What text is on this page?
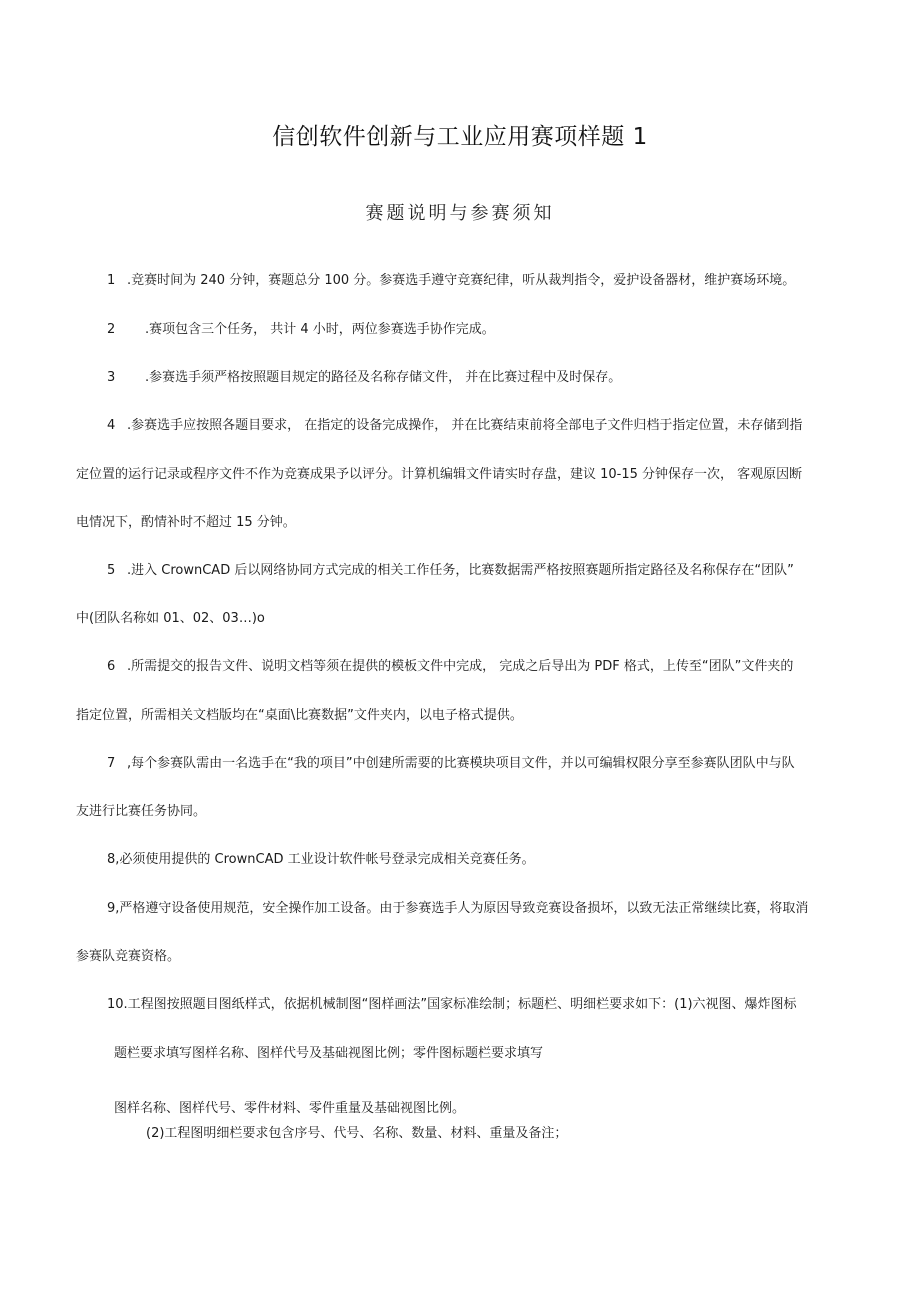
信创软件创新与工业应用赛项样题 1
赛题说明与参赛须知
1 .竞赛时间为 240 分钟，赛题总分 100 分。参赛选手遵守竞赛纪律，听从裁判指令，爱护设备器材，维护赛场环境。
2 .赛项包含三个任务， 共计 4 小时，两位参赛选手协作完成。
3 .参赛选手须严格按照题目规定的路径及名称存储文件， 并在比赛过程中及时保存。
4 .参赛选手应按照各题目要求， 在指定的设备完成操作， 并在比赛结束前将全部电子文件归档于指定位置，未存储到指
定位置的运行记录或程序文件不作为竞赛成果予以评分。计算机编辑文件请实时存盘，建议 10-15 分钟保存一次， 客观原因断
电情况下，酌情补时不超过 15 分钟。
5 .进入 CrownCAD 后以网络协同方式完成的相关工作任务，比赛数据需严格按照赛题所指定路径及名称保存在“团队”
中(团队名称如 01、02、03…)o
6 .所需提交的报告文件、说明文档等须在提供的模板文件中完成， 完成之后导出为 PDF 格式，上传至“团队”文件夹的
指定位置，所需相关文档版均在“桌面\比赛数据”文件夹内，以电子格式提供。
7 ,每个参赛队需由一名选手在“我的项目”中创建所需要的比赛模块项目文件，并以可编辑权限分享至参赛队团队中与队
友进行比赛任务协同。
8,必须使用提供的 CrownCAD 工业设计软件帐号登录完成相关竞赛任务。
9,严格遵守设备使用规范，安全操作加工设备。由于参赛选手人为原因导致竞赛设备损坏，以致无法正常继续比赛，将取消
参赛队竞赛资格。
10.工程图按照题目图纸样式，依据机械制图“图样画法”国家标准绘制；标题栏、明细栏要求如下：(1)六视图、爆炸图标
题栏要求填写图样名称、图样代号及基础视图比例；零件图标题栏要求填写
图样名称、图样代号、零件材料、零件重量及基础视图比例。
(2)工程图明细栏要求包含序号、代号、名称、数量、材料、重量及备注；
